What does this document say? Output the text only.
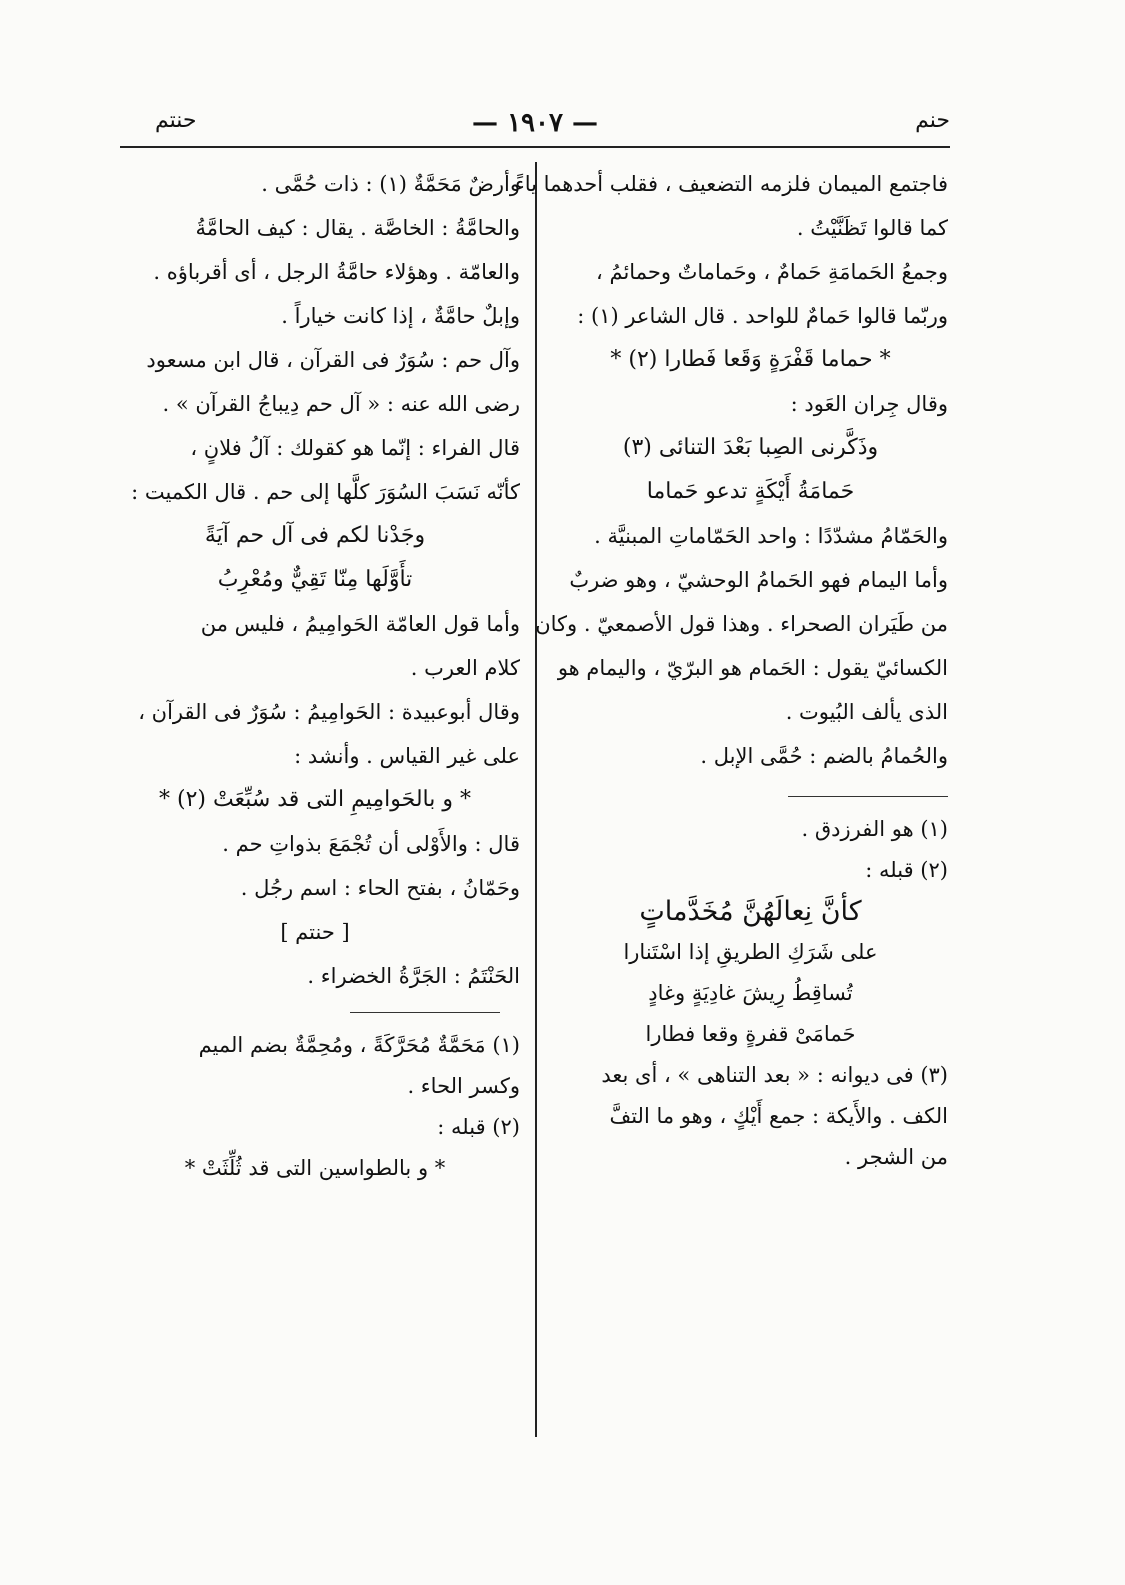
حنتم	— ١٩٠٧ —	حنم
فاجتمع الميمان فلزمه التضعيف ، فقلب أحدهما ياءً
كما قالوا تَظَنَّيْتُ .
وجمعُ الحَمامَةِ حَمامٌ ، وحَماماتٌ وحمائمُ ،
وربّما قالوا حَمامٌ للواحد . قال الشاعر (١) :
* حماما قَفْرَةٍ وَقَعا فَطارا (٢) *
وقال جِران العَود :
وذَكَّرنى الصِبا بَعْدَ التنائى (٣)
حَمامَةُ أَيْكَةٍ تدعو حَماما
والحَمّامُ مشدّدًا : واحد الحَمّاماتِ المبنيَّة .
وأما اليمام فهو الحَمامُ الوحشيّ ، وهو ضربٌ
من طَيَران الصحراء . وهذا قول الأصمعيّ . وكان
الكسائيّ يقول : الحَمام هو البرّيّ ، واليمام هو
الذى يألف البُيوت .
والحُمامُ بالضم : حُمَّى الإبل .
(١) هو الفرزدق .
(٢) قبله :
كأنَّ نِعالَهُنَّ مُخَدَّماتٍ
على شَرَكِ الطريقِ إذا اسْتَنارا
تُساقِطُ رِيشَ غادِيَةٍ وغادٍ
حَمامَىْ قفرةٍ وقعا فطارا
(٣) فى ديوانه : « بعد التناهى » ، أى بعد
الكف . والأَيكة : جمع أَيْكٍ ، وهو ما التفَّ
من الشجر .
وأرضٌ مَحَمَّةٌ (١) : ذات حُمَّى .
والحامَّةُ : الخاصَّة . يقال : كيف الحامَّةُ
والعامّة . وهؤلاء حامَّةُ الرجل ، أى أقرباؤه .
وإبلٌ حامَّةٌ ، إذا كانت خياراً .
وآل حم : سُوَرٌ فى القرآن ، قال ابن مسعود
رضى الله عنه : « آل حم دِيباجُ القرآن » .
قال الفراء : إنّما هو كقولك : آلُ فلانٍ ،
كأنّه نَسَبَ السُوَرَ كلَّها إلى حم . قال الكميت :
وجَدْنا لكم فى آل حم آيَةً
تأَوَّلَها مِنّا تَقِيٌّ ومُعْرِبُ
وأما قول العامّة الحَوامِيمُ ، فليس من
كلام العرب .
وقال أبوعبيدة : الحَوامِيمُ : سُوَرٌ فى القرآن ،
على غير القياس . وأنشد :
* و بالحَوامِيمِ التى قد سُبِّعَتْ (٢) *
قال : والأَوْلى أن تُجْمَعَ بذواتِ حم .
وحَمّانُ ، بفتح الحاء : اسم رجُل .
[ حنتم ]
الحَنْتَمُ : الجَرَّةُ الخضراء .
(١) مَحَمَّةٌ مُحَرَّكَةً ، ومُحِمَّةٌ بضم الميم
وكسر الحاء .
(٢) قبله :
* و بالطواسين التى قد ثُلِّثَتْ *
